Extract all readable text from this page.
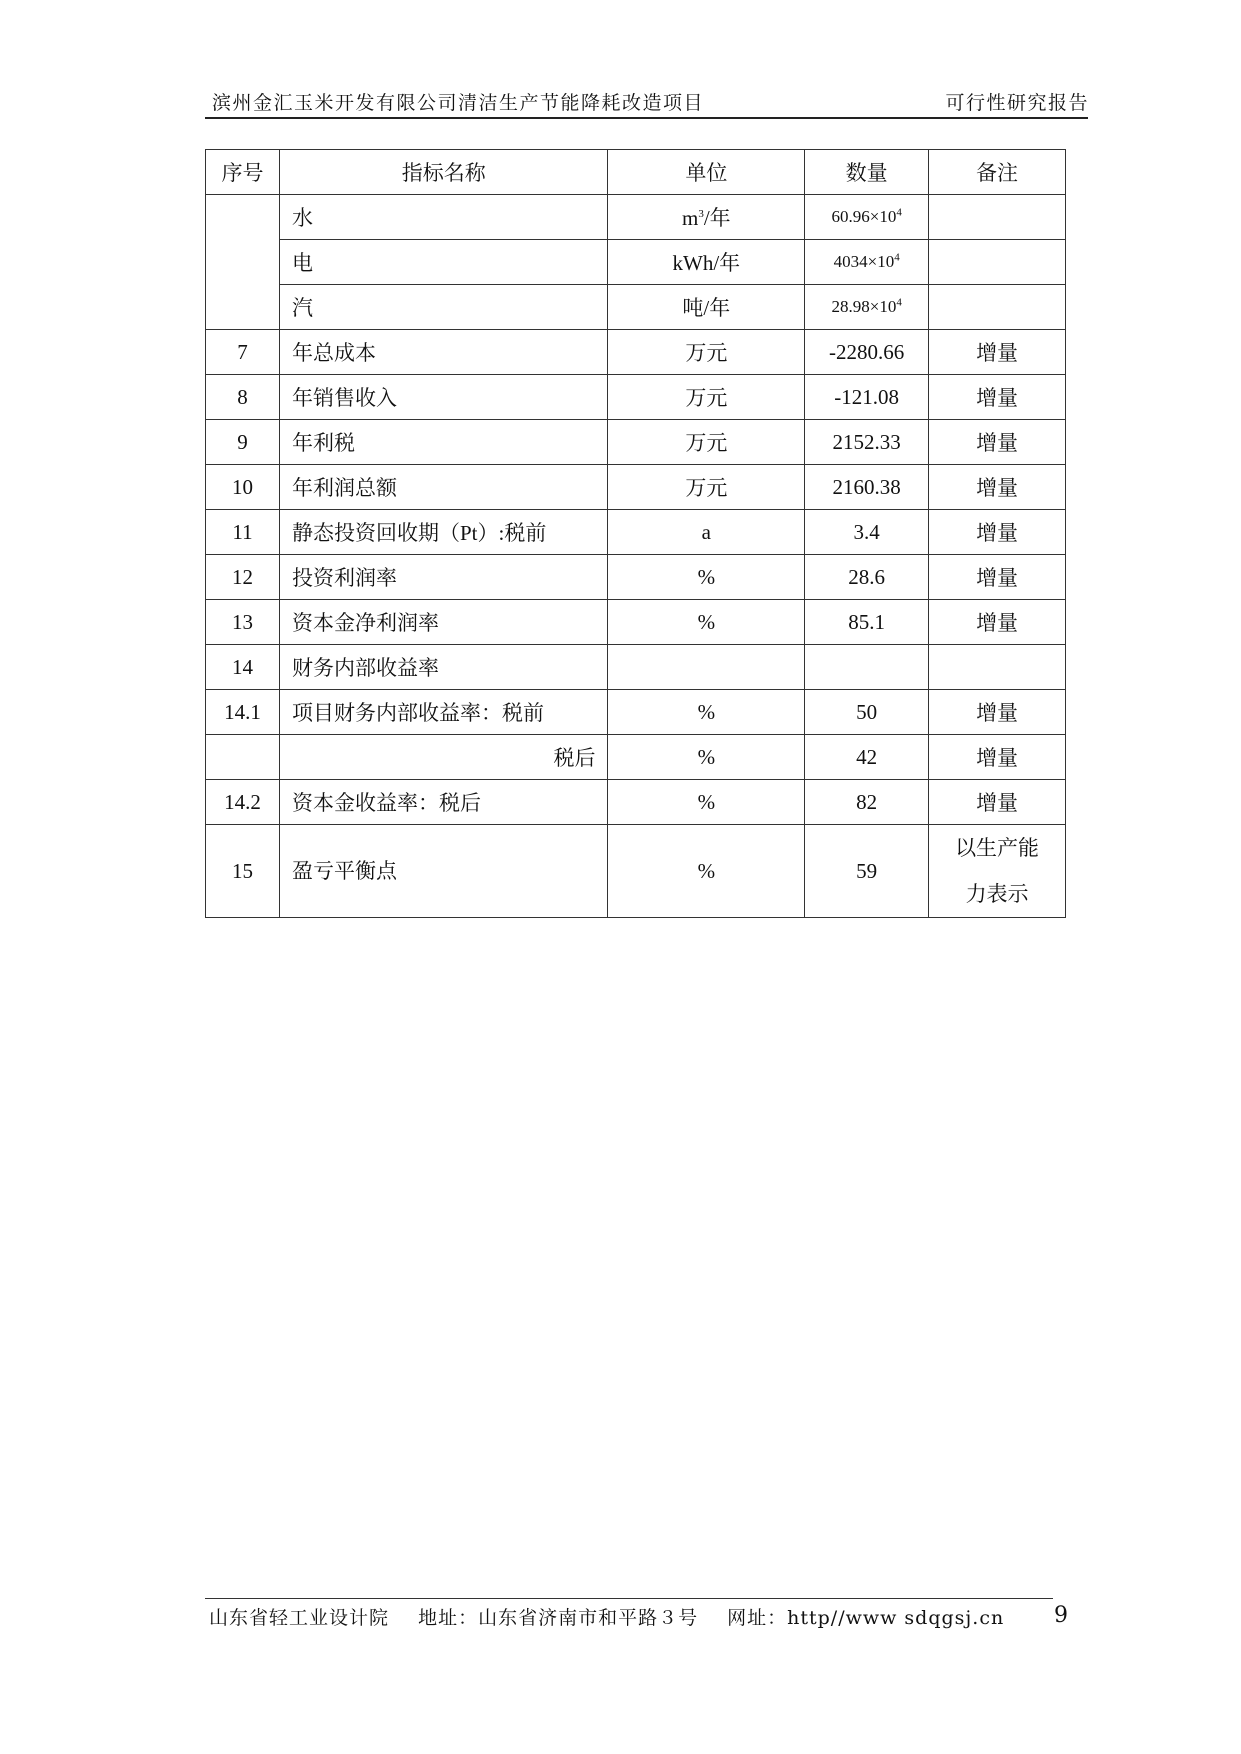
滨州金汇玉米开发有限公司清洁生产节能降耗改造项目	可行性研究报告
序号	指标名称	单位	数量	备注
	水	$m^3/$年	$60.96\times 10^4$	
	电	kWh/年	$4034\times 10^4$	
	汽	吨/年	$28.98\times 10^4$	
7	年总成本	万元	-2280.66	增量
8	年销售收入	万元	-121.08	增量
9	年利税	万元	2152.33	增量
10	年利润总额	万元	2160.38	增量
11	静态投资回收期（Pt）:税前	a	3.4	增量
12	投资利润率	%	28.6	增量
13	资本金净利润率	%	85.1	增量
14	财务内部收益率			
14.1	项目财务内部收益率：税前	%	50	增量
	税后	%	42	增量
14.2	资本金收益率：税后	%	82	增量
15	盈亏平衡点	%	59	以生产能
力表示
山东省轻工业设计院 地址：山东省济南市和平路３号 网址：http//www sdqgsj.cn	9
